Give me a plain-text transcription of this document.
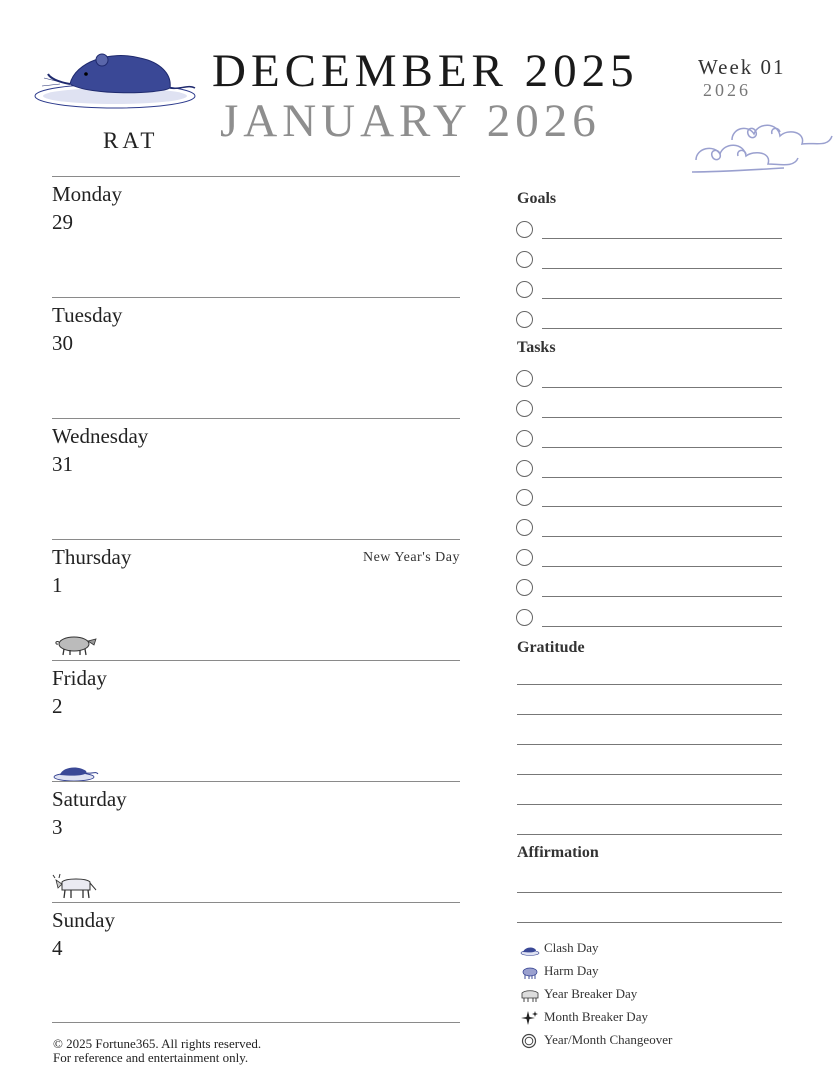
RAT
DECEMBER 2025
JANUARY 2026
Week 01
2026
Monday
29
Tuesday
30
Wednesday
31
Thursday	New Year's Day
1
Friday
2
Saturday
3
Sunday
4
Goals
Tasks
Gratitude
Affirmation
Clash Day
Harm Day
Year Breaker Day
Month Breaker Day
Year/Month Changeover
© 2025 Fortune365. All rights reserved.
For reference and entertainment only.
